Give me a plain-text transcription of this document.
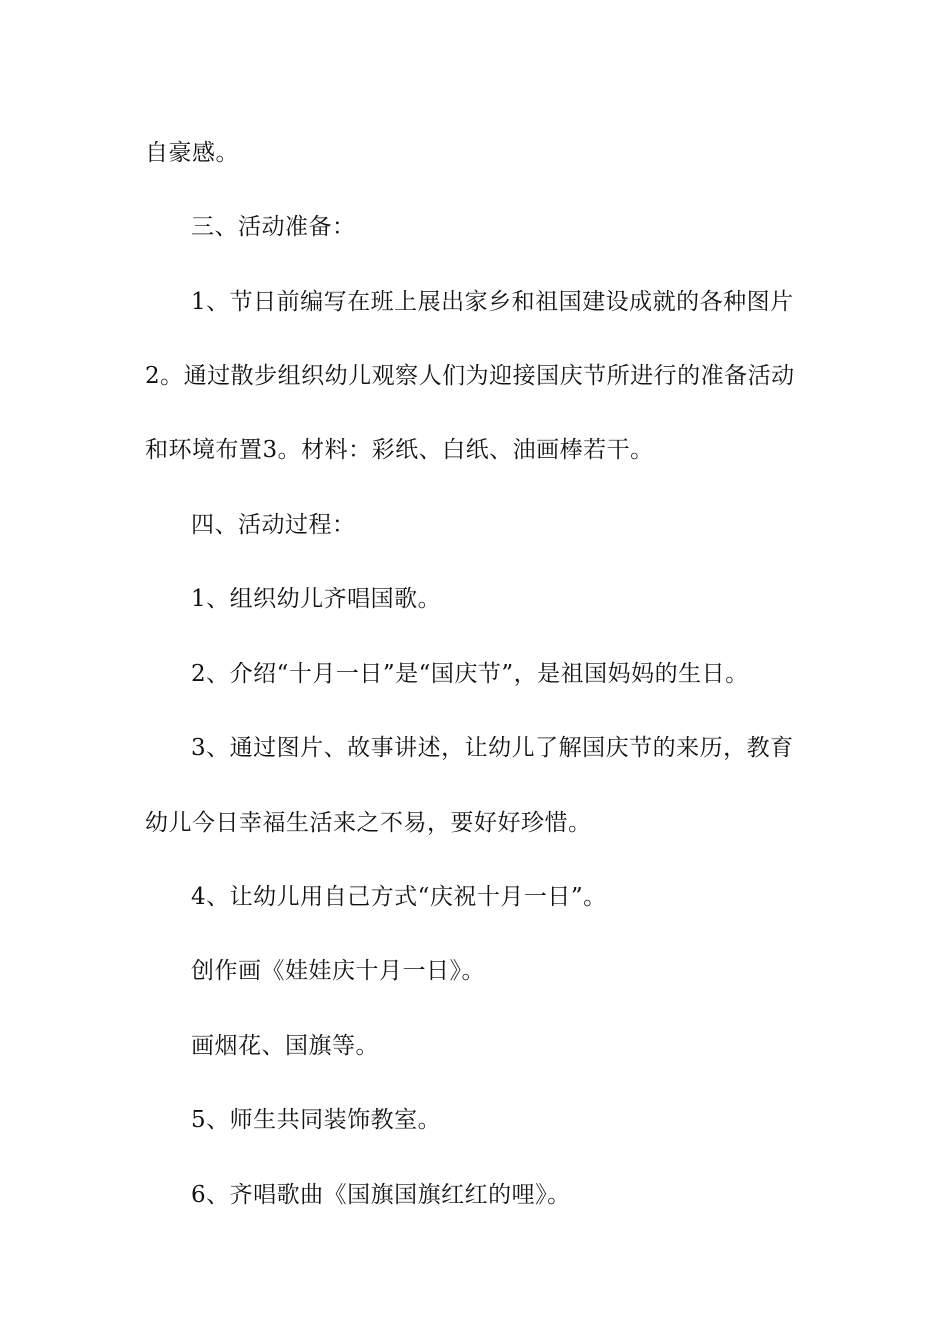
自豪感。
三、活动准备：
1、节日前编写在班上展出家乡和祖国建设成就的各种图片
2。通过散步组织幼儿观察人们为迎接国庆节所进行的准备活动
和环境布置3。材料：彩纸、白纸、油画棒若干。
四、活动过程：
1、组织幼儿齐唱国歌。
2、介绍“十月一日”是“国庆节”，是祖国妈妈的生日。
3、通过图片、故事讲述，让幼儿了解国庆节的来历，教育
幼儿今日幸福生活来之不易，要好好珍惜。
4、让幼儿用自己方式“庆祝十月一日”。
创作画《娃娃庆十月一日》。
画烟花、国旗等。
5、师生共同装饰教室。
6、齐唱歌曲《国旗国旗红红的哩》。
